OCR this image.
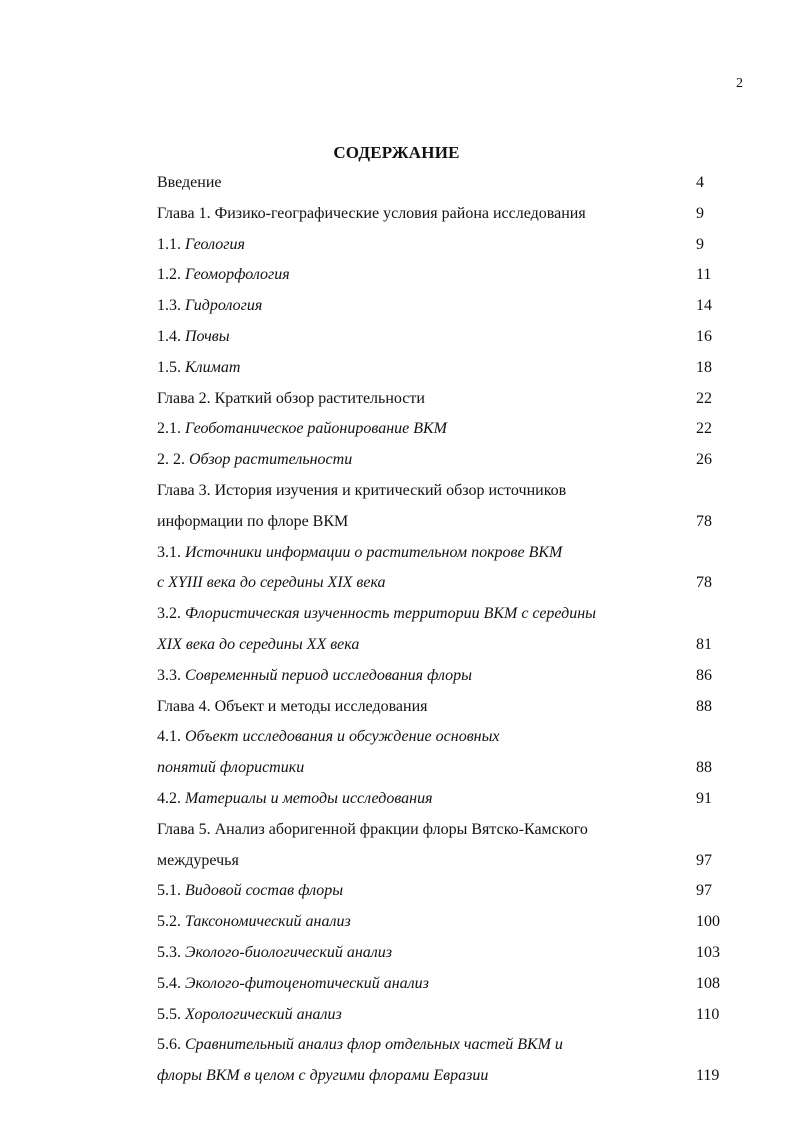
2
СОДЕРЖАНИЕ
Введение	4
Глава 1. Физико-географические условия района исследования	9
1.1. Геология	9
1.2. Геоморфология	11
1.3. Гидрология	14
1.4. Почвы	16
1.5. Климат	18
Глава 2. Краткий обзор растительности	22
2.1. Геоботаническое районирование ВКМ	22
2. 2. Обзор растительности	26
Глава 3. История изучения и критический обзор источников
информации по флоре ВКМ	78
3.1. Источники информации о растительном покрове ВКМ
с XYIII века до середины XIX века	78
3.2. Флористическая изученность территории ВКМ с середины
XIX века до середины XX века	81
3.3. Современный период исследования флоры	86
Глава 4. Объект и методы исследования	88
4.1. Объект исследования и обсуждение основных
понятий флористики	88
4.2. Материалы и методы исследования	91
Глава 5. Анализ аборигенной фракции флоры Вятско-Камского
междуречья	97
5.1. Видовой состав флоры	97
5.2. Таксономический анализ	100
5.3. Эколого-биологический анализ	103
5.4. Эколого-фитоценотический анализ	108
5.5. Хорологический анализ	110
5.6. Сравнительный анализ флор отдельных частей ВКМ и
флоры ВКМ в целом с другими флорами Евразии	119
